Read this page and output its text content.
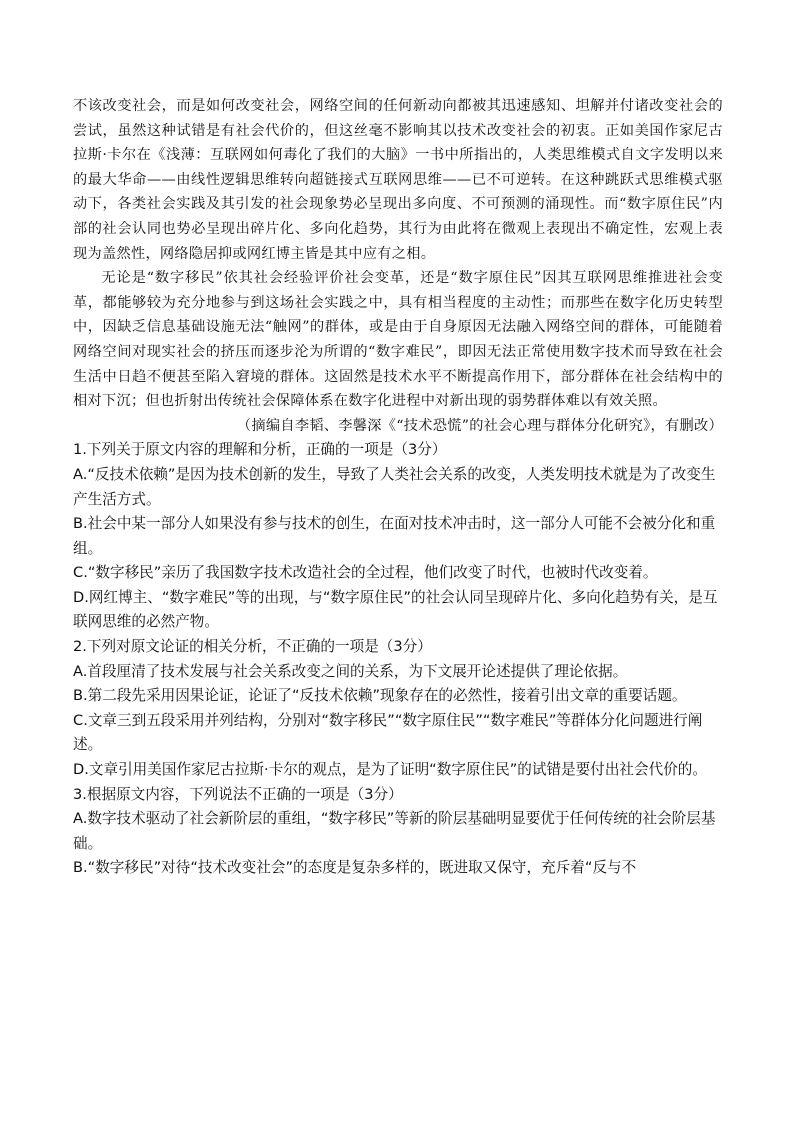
不该改变社会，而是如何改变社会，网络空间的任何新动向都被其迅速感知、坦解并付诸改变社会的尝试，虽然这种试错是有社会代价的，但这丝毫不影响其以技术改变社会的初衷。正如美国作家尼古拉斯·卡尔在《浅薄：互联网如何毒化了我们的大脑》一书中所指出的，人类思维模式自文字发明以来的最大华命——由线性逻辑思维转向超链接式互联网思维——已不可逆转。在这种跳跃式思维模式驱动下，各类社会实践及其引发的社会现象势必呈现出多向度、不可预测的涌现性。而“数字原住民”内部的社会认同也势必呈现出碎片化、多向化趋势，其行为由此将在微观上表现出不确定性，宏观上表现为盖然性，网络隐居抑或网红博主皆是其中应有之相。

无论是“数字移民”依其社会经验评价社会变革，还是“数字原住民”因其互联网思维推进社会变革，都能够较为充分地参与到这场社会实践之中，具有相当程度的主动性；而那些在数字化历史转型中，因缺乏信息基础设施无法“触网”的群体，或是由于自身原因无法融入网络空间的群体，可能随着网络空间对现实社会的挤压而逐步沦为所谓的“数字难民”，即因无法正常使用数字技术而导致在社会生活中日趋不便甚至陷入窘境的群体。这固然是技术水平不断提高作用下，部分群体在社会结构中的相对下沉；但也折射出传统社会保障体系在数字化进程中对新出现的弱势群体难以有效关照。

（摘编自李韬、李馨深《“技术恐慌”的社会心理与群体分化研究》，有删改）

1.下列关于原文内容的理解和分析，正确的一项是（3分）

A.“反技术依赖”是因为技术创新的发生，导致了人类社会关系的改变，人类发明技术就是为了改变生产生活方式。

B.社会中某一部分人如果没有参与技术的创生，在面对技术冲击时，这一部分人可能不会被分化和重组。

C.“数字移民”亲历了我国数字技术改造社会的全过程，他们改变了时代，也被时代改变着。

D.网红博主、“数字难民”等的出现，与“数字原住民”的社会认同呈现碎片化、多向化趋势有关，是互联网思维的必然产物。

2.下列对原文论证的相关分析，不正确的一项是（3分）

A.首段厘清了技术发展与社会关系改变之间的关系，为下文展开论述提供了理论依据。

B.第二段先采用因果论证，论证了“反技术依赖”现象存在的必然性，接着引出文章的重要话题。

C.文章三到五段采用并列结构，分别对“数字移民”“数字原住民”“数字难民”等群体分化问题进行阐述。

D.文章引用美国作家尼古拉斯·卡尔的观点，是为了证明“数字原住民”的试错是要付出社会代价的。

3.根据原文内容，下列说法不正确的一项是（3分）

A.数字技术驱动了社会新阶层的重组，“数字移民”等新的阶层基础明显要优于任何传统的社会阶层基础。

B.“数字移民”对待“技术改变社会”的态度是复杂多样的，既进取又保守，充斥着“反与不
